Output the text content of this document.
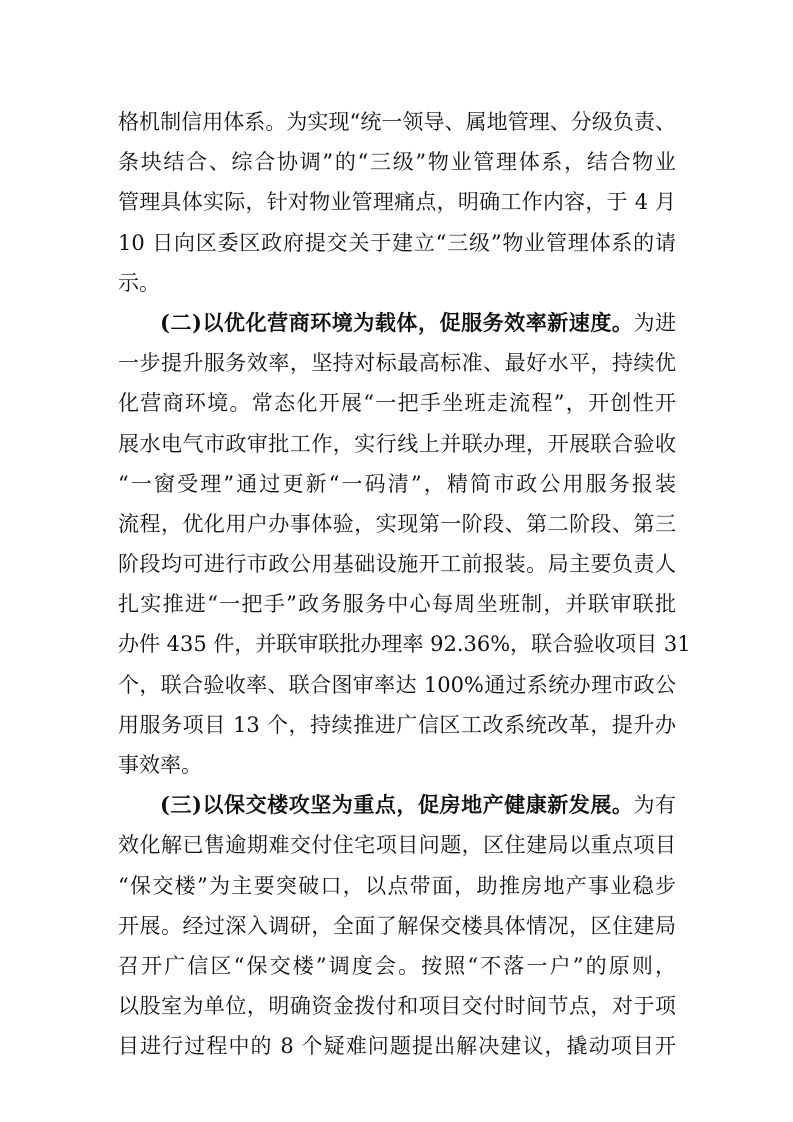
格机制信用体系。为实现“统一领导、属地管理、分级负责、
条块结合、综合协调”的“三级”物业管理体系，结合物业
管理具体实际，针对物业管理痛点，明确工作内容，于 4 月
10 日向区委区政府提交关于建立“三级”物业管理体系的请
示。
(二)以优化营商环境为载体，促服务效率新速度。为进
一步提升服务效率，坚持对标最高标准、最好水平，持续优
化营商环境。常态化开展“一把手坐班走流程”，开创性开
展水电气市政审批工作，实行线上并联办理，开展联合验收
“一窗受理”通过更新“一码清”，精简市政公用服务报装
流程，优化用户办事体验，实现第一阶段、第二阶段、第三
阶段均可进行市政公用基础设施开工前报装。局主要负责人
扎实推进“一把手”政务服务中心每周坐班制，并联审联批
办件 435 件，并联审联批办理率 92.36%，联合验收项目 31
个，联合验收率、联合图审率达 100%通过系统办理市政公
用服务项目 13 个，持续推进广信区工改系统改革，提升办
事效率。
(三)以保交楼攻坚为重点，促房地产健康新发展。为有
效化解已售逾期难交付住宅项目问题，区住建局以重点项目
“保交楼”为主要突破口，以点带面，助推房地产事业稳步
开展。经过深入调研，全面了解保交楼具体情况，区住建局
召开广信区“保交楼”调度会。按照“不落一户”的原则，
以股室为单位，明确资金拨付和项目交付时间节点，对于项
目进行过程中的 8 个疑难问题提出解决建议，撬动项目开
